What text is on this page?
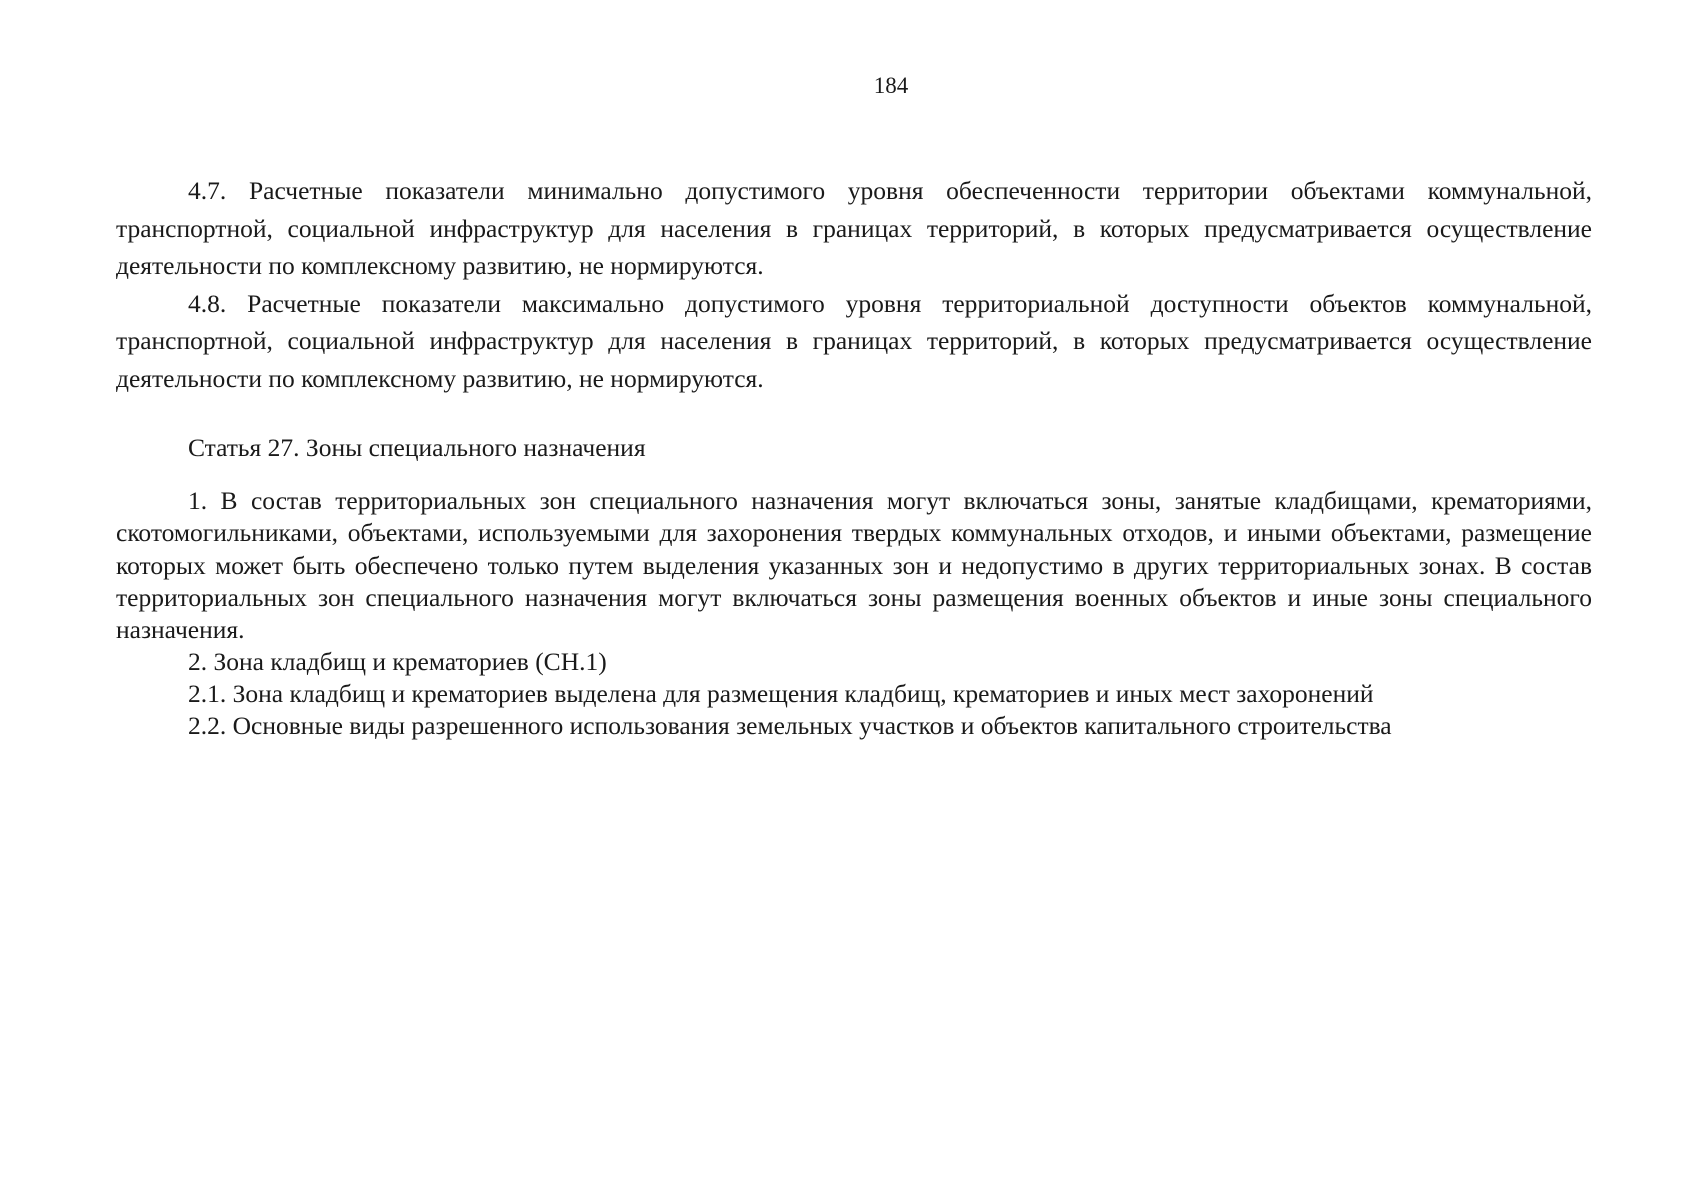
184

4.7. Расчетные показатели минимально допустимого уровня обеспеченности территории объектами коммунальной, транспортной, социальной инфраструктур для населения в границах территорий, в которых предусматривается осуществление деятельности по комплексному развитию, не нормируются.

4.8. Расчетные показатели максимально допустимого уровня территориальной доступности объектов коммунальной, транспортной, социальной инфраструктур для населения в границах территорий, в которых предусматривается осуществление деятельности по комплексному развитию, не нормируются.

Статья 27. Зоны специального назначения

1. В состав территориальных зон специального назначения могут включаться зоны, занятые кладбищами, крематориями, скотомогильниками, объектами, используемыми для захоронения твердых коммунальных отходов, и иными объектами, размещение которых может быть обеспечено только путем выделения указанных зон и недопустимо в других территориальных зонах. В состав территориальных зон специального назначения могут включаться зоны размещения военных объектов и иные зоны специального назначения.

2. Зона кладбищ и крематориев (СН.1)

2.1. Зона кладбищ и крематориев выделена для размещения кладбищ, крематориев и иных мест захоронений

2.2. Основные виды разрешенного использования земельных участков и объектов капитального строительства
